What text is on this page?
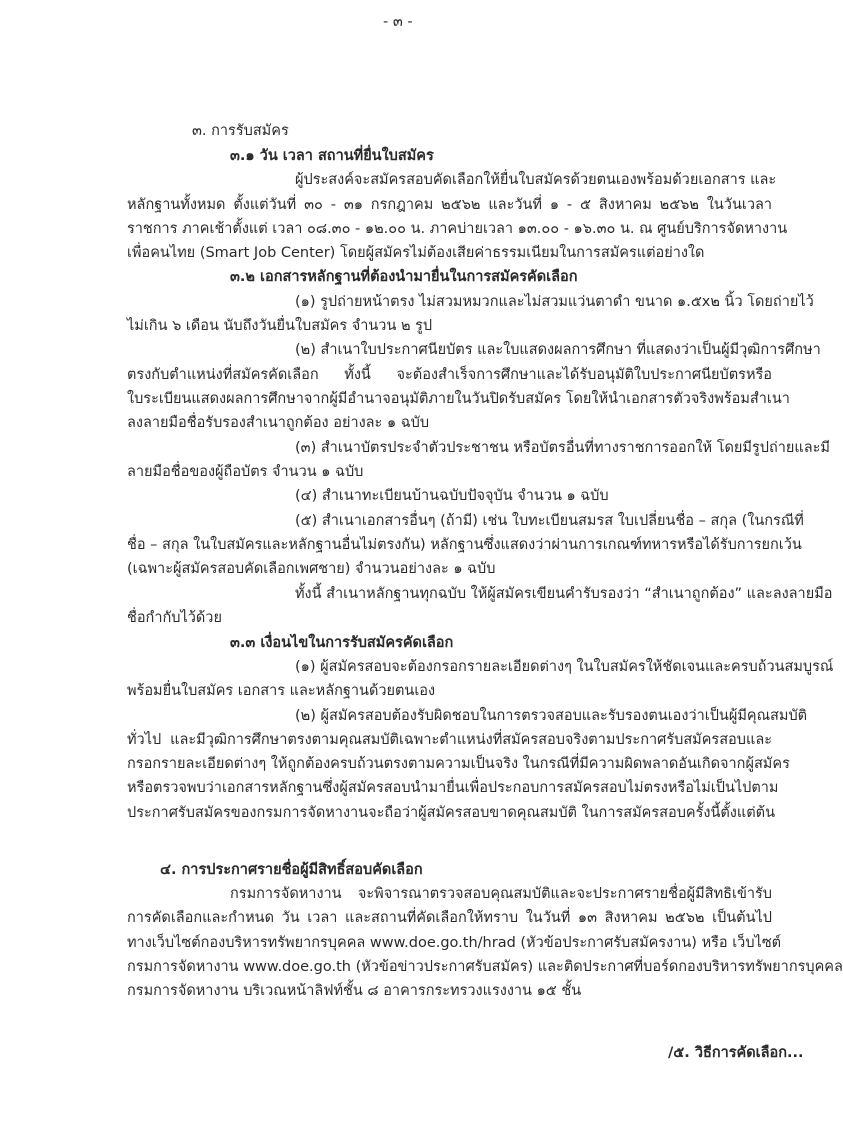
- ๓ -
๓. การรับสมัคร
๓.๑ วัน เวลา สถานที่ยื่นใบสมัคร
ผู้ประสงค์จะสมัครสอบคัดเลือกให้ยื่นใบสมัครด้วยตนเองพร้อมด้วยเอกสาร และ
หลักฐานทั้งหมด ตั้งแต่วันที่ ๓๐ - ๓๑ กรกฎาคม ๒๕๖๒ และวันที่ ๑ - ๕ สิงหาคม ๒๕๖๒ ในวันเวลา
ราชการ ภาคเช้าตั้งแต่ เวลา ๐๘.๓๐ - ๑๒.๐๐ น. ภาคบ่ายเวลา ๑๓.๐๐ - ๑๖.๓๐ น. ณ ศูนย์บริการจัดหางาน
เพื่อคนไทย (Smart Job Center) โดยผู้สมัครไม่ต้องเสียค่าธรรมเนียมในการสมัครแต่อย่างใด
๓.๒ เอกสารหลักฐานที่ต้องนำมายื่นในการสมัครคัดเลือก
(๑) รูปถ่ายหน้าตรง ไม่สวมหมวกและไม่สวมแว่นตาดำ ขนาด ๑.๕x๒ นิ้ว โดยถ่ายไว้
ไม่เกิน ๖ เดือน นับถึงวันยื่นใบสมัคร จำนวน ๒ รูป
(๒) สำเนาใบประกาศนียบัตร และใบแสดงผลการศึกษา ที่แสดงว่าเป็นผู้มีวุฒิการศึกษา
ตรงกับตำแหน่งที่สมัครคัดเลือก ทั้งนี้ จะต้องสำเร็จการศึกษาและได้รับอนุมัติใบประกาศนียบัตรหรือ
ใบระเบียนแสดงผลการศึกษาจากผู้มีอำนาจอนุมัติภายในวันปิดรับสมัคร โดยให้นำเอกสารตัวจริงพร้อมสำเนา
ลงลายมือชื่อรับรองสำเนาถูกต้อง อย่างละ ๑ ฉบับ
(๓) สำเนาบัตรประจำตัวประชาชน หรือบัตรอื่นที่ทางราชการออกให้ โดยมีรูปถ่ายและมี
ลายมือชื่อของผู้ถือบัตร จำนวน ๑ ฉบับ
(๔) สำเนาทะเบียนบ้านฉบับปัจจุบัน จำนวน ๑ ฉบับ
(๕) สำเนาเอกสารอื่นๆ (ถ้ามี) เช่น ใบทะเบียนสมรส ใบเปลี่ยนชื่อ – สกุล (ในกรณีที่
ชื่อ – สกุล ในใบสมัครและหลักฐานอื่นไม่ตรงกัน) หลักฐานซึ่งแสดงว่าผ่านการเกณฑ์ทหารหรือได้รับการยกเว้น
(เฉพาะผู้สมัครสอบคัดเลือกเพศชาย) จำนวนอย่างละ ๑ ฉบับ
ทั้งนี้ สำเนาหลักฐานทุกฉบับ ให้ผู้สมัครเขียนคำรับรองว่า “สำเนาถูกต้อง” และลงลายมือ
ชื่อกำกับไว้ด้วย
๓.๓ เงื่อนไขในการรับสมัครคัดเลือก
(๑) ผู้สมัครสอบจะต้องกรอกรายละเอียดต่างๆ ในใบสมัครให้ชัดเจนและครบถ้วนสมบูรณ์
พร้อมยื่นใบสมัคร เอกสาร และหลักฐานด้วยตนเอง
(๒) ผู้สมัครสอบต้องรับผิดชอบในการตรวจสอบและรับรองตนเองว่าเป็นผู้มีคุณสมบัติ
ทั่วไป และมีวุฒิการศึกษาตรงตามคุณสมบัติเฉพาะตำแหน่งที่สมัครสอบจริงตามประกาศรับสมัครสอบและ
กรอกรายละเอียดต่างๆ ให้ถูกต้องครบถ้วนตรงตามความเป็นจริง ในกรณีที่มีความผิดพลาดอันเกิดจากผู้สมัคร
หรือตรวจพบว่าเอกสารหลักฐานซึ่งผู้สมัครสอบนำมายื่นเพื่อประกอบการสมัครสอบไม่ตรงหรือไม่เป็นไปตาม
ประกาศรับสมัครของกรมการจัดหางานจะถือว่าผู้สมัครสอบขาดคุณสมบัติ ในการสมัครสอบครั้งนี้ตั้งแต่ต้น
๔. การประกาศรายชื่อผู้มีสิทธิ์สอบคัดเลือก
กรมการจัดหางาน จะพิจารณาตรวจสอบคุณสมบัติและจะประกาศรายชื่อผู้มีสิทธิเข้ารับ
การคัดเลือกและกำหนด วัน เวลา และสถานที่คัดเลือกให้ทราบ ในวันที่ ๑๓ สิงหาคม ๒๕๖๒ เป็นต้นไป
ทางเว็บไซต์กองบริหารทรัพยากรบุคคล www.doe.go.th/hrad (หัวข้อประกาศรับสมัครงาน) หรือ เว็บไซต์
กรมการจัดหางาน www.doe.go.th (หัวข้อข่าวประกาศรับสมัคร) และติดประกาศที่บอร์ดกองบริหารทรัพยากรบุคคล
กรมการจัดหางาน บริเวณหน้าลิฟท์ชั้น ๘ อาคารกระทรวงแรงงาน ๑๕ ชั้น
/๕. วิธีการคัดเลือก...
